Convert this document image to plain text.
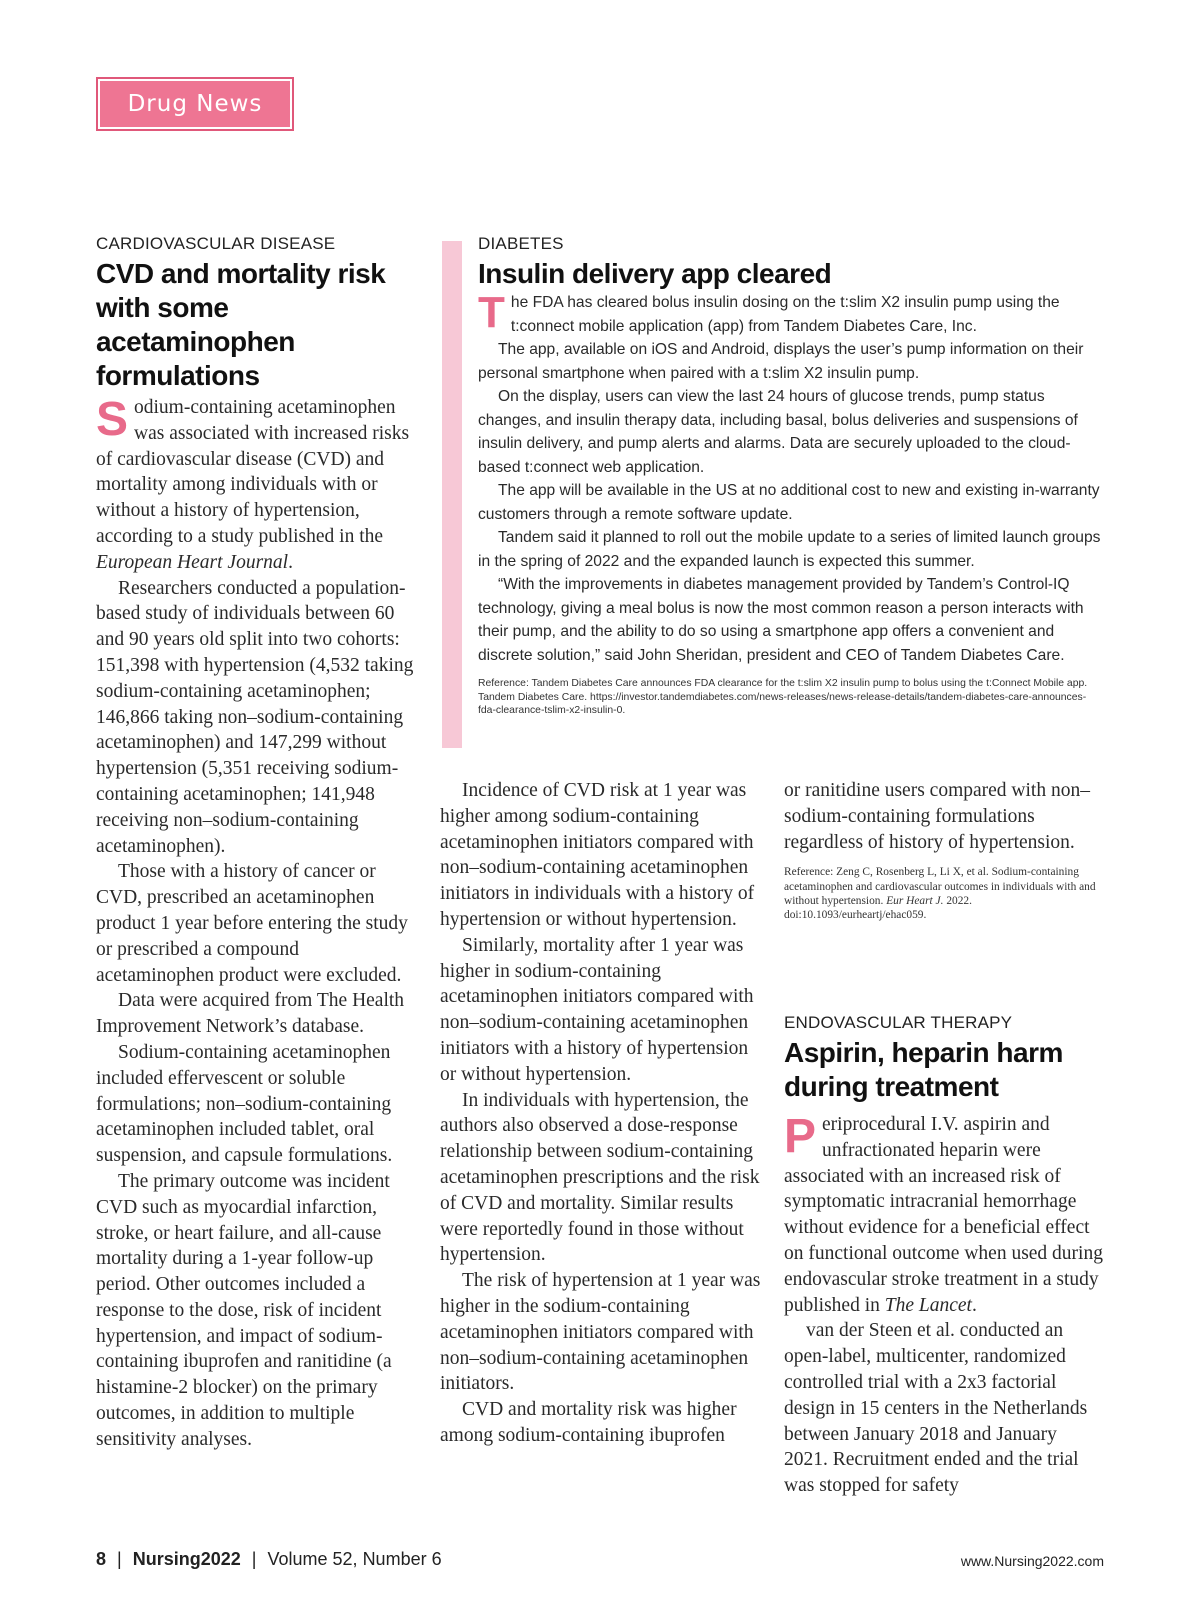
Drug News
CARDIOVASCULAR DISEASE
CVD and mortality risk with some acetaminophen formulations

Sodium-containing acetaminophen was associated with increased risks of cardiovascular disease (CVD) and mortality among individuals with or without a history of hypertension, according to a study published in the European Heart Journal.

Researchers conducted a population-based study of individuals between 60 and 90 years old split into two cohorts: 151,398 with hypertension (4,532 taking sodium-containing acetaminophen; 146,866 taking non–sodium-containing acetaminophen) and 147,299 without hypertension (5,351 receiving sodium-containing acetaminophen; 141,948 receiving non–sodium-containing acetaminophen).

Those with a history of cancer or CVD, prescribed an acetaminophen product 1 year before entering the study or prescribed a compound acetaminophen product were excluded.

Data were acquired from The Health Improvement Network’s database.

Sodium-containing acetaminophen included effervescent or soluble formulations; non–sodium-containing acetaminophen included tablet, oral suspension, and capsule formulations.

The primary outcome was incident CVD such as myocardial infarction, stroke, or heart failure, and all-cause mortality during a 1-year follow-up period. Other outcomes included a response to the dose, risk of incident hypertension, and impact of sodium-containing ibuprofen and ranitidine (a histamine-2 blocker) on the primary outcomes, in addition to multiple sensitivity analyses.

DIABETES
Insulin delivery app cleared

The FDA has cleared bolus insulin dosing on the t:slim X2 insulin pump using the t:connect mobile application (app) from Tandem Diabetes Care, Inc.

The app, available on iOS and Android, displays the user’s pump information on their personal smartphone when paired with a t:slim X2 insulin pump.

On the display, users can view the last 24 hours of glucose trends, pump status changes, and insulin therapy data, including basal, bolus deliveries and suspensions of insulin delivery, and pump alerts and alarms. Data are securely uploaded to the cloud-based t:connect web application.

The app will be available in the US at no additional cost to new and existing in-warranty customers through a remote software update.

Tandem said it planned to roll out the mobile update to a series of limited launch groups in the spring of 2022 and the expanded launch is expected this summer.

“With the improvements in diabetes management provided by Tandem’s Control-IQ technology, giving a meal bolus is now the most common reason a person interacts with their pump, and the ability to do so using a smartphone app offers a convenient and discrete solution,” said John Sheridan, president and CEO of Tandem Diabetes Care.

Reference: Tandem Diabetes Care announces FDA clearance for the t:slim X2 insulin pump to bolus using the t:Connect Mobile app. Tandem Diabetes Care. https://investor.tandemdiabetes.com/news-releases/news-release-details/tandem-diabetes-care-announces-fda-clearance-tslim-x2-insulin-0.

Incidence of CVD risk at 1 year was higher among sodium-containing acetaminophen initiators compared with non–sodium-containing acetaminophen initiators in individuals with a history of hypertension or without hypertension.

Similarly, mortality after 1 year was higher in sodium-containing acetaminophen initiators compared with non–sodium-containing acetaminophen initiators with a history of hypertension or without hypertension.

In individuals with hypertension, the authors also observed a dose-response relationship between sodium-containing acetaminophen prescriptions and the risk of CVD and mortality. Similar results were reportedly found in those without hypertension.

The risk of hypertension at 1 year was higher in the sodium-containing acetaminophen initiators compared with non–sodium-containing acetaminophen initiators.

CVD and mortality risk was higher among sodium-containing ibuprofen

or ranitidine users compared with non–sodium-containing formulations regardless of history of hypertension.

Reference: Zeng C, Rosenberg L, Li X, et al. Sodium-containing acetaminophen and cardiovascular outcomes in individuals with and without hypertension. Eur Heart J. 2022. doi:10.1093/eurheartj/ehac059.
ENDOVASCULAR THERAPY
Aspirin, heparin harm during treatment

Periprocedural I.V. aspirin and unfractionated heparin were associated with an increased risk of symptomatic intracranial hemorrhage without evidence for a beneficial effect on functional outcome when used during endovascular stroke treatment in a study published in The Lancet.

van der Steen et al. conducted an open-label, multicenter, randomized controlled trial with a 2x3 factorial design in 15 centers in the Netherlands between January 2018 and January 2021. Recruitment ended and the trial was stopped for safety

8 | Nursing2022 | Volume 52, Number 6	www.Nursing2022.com
